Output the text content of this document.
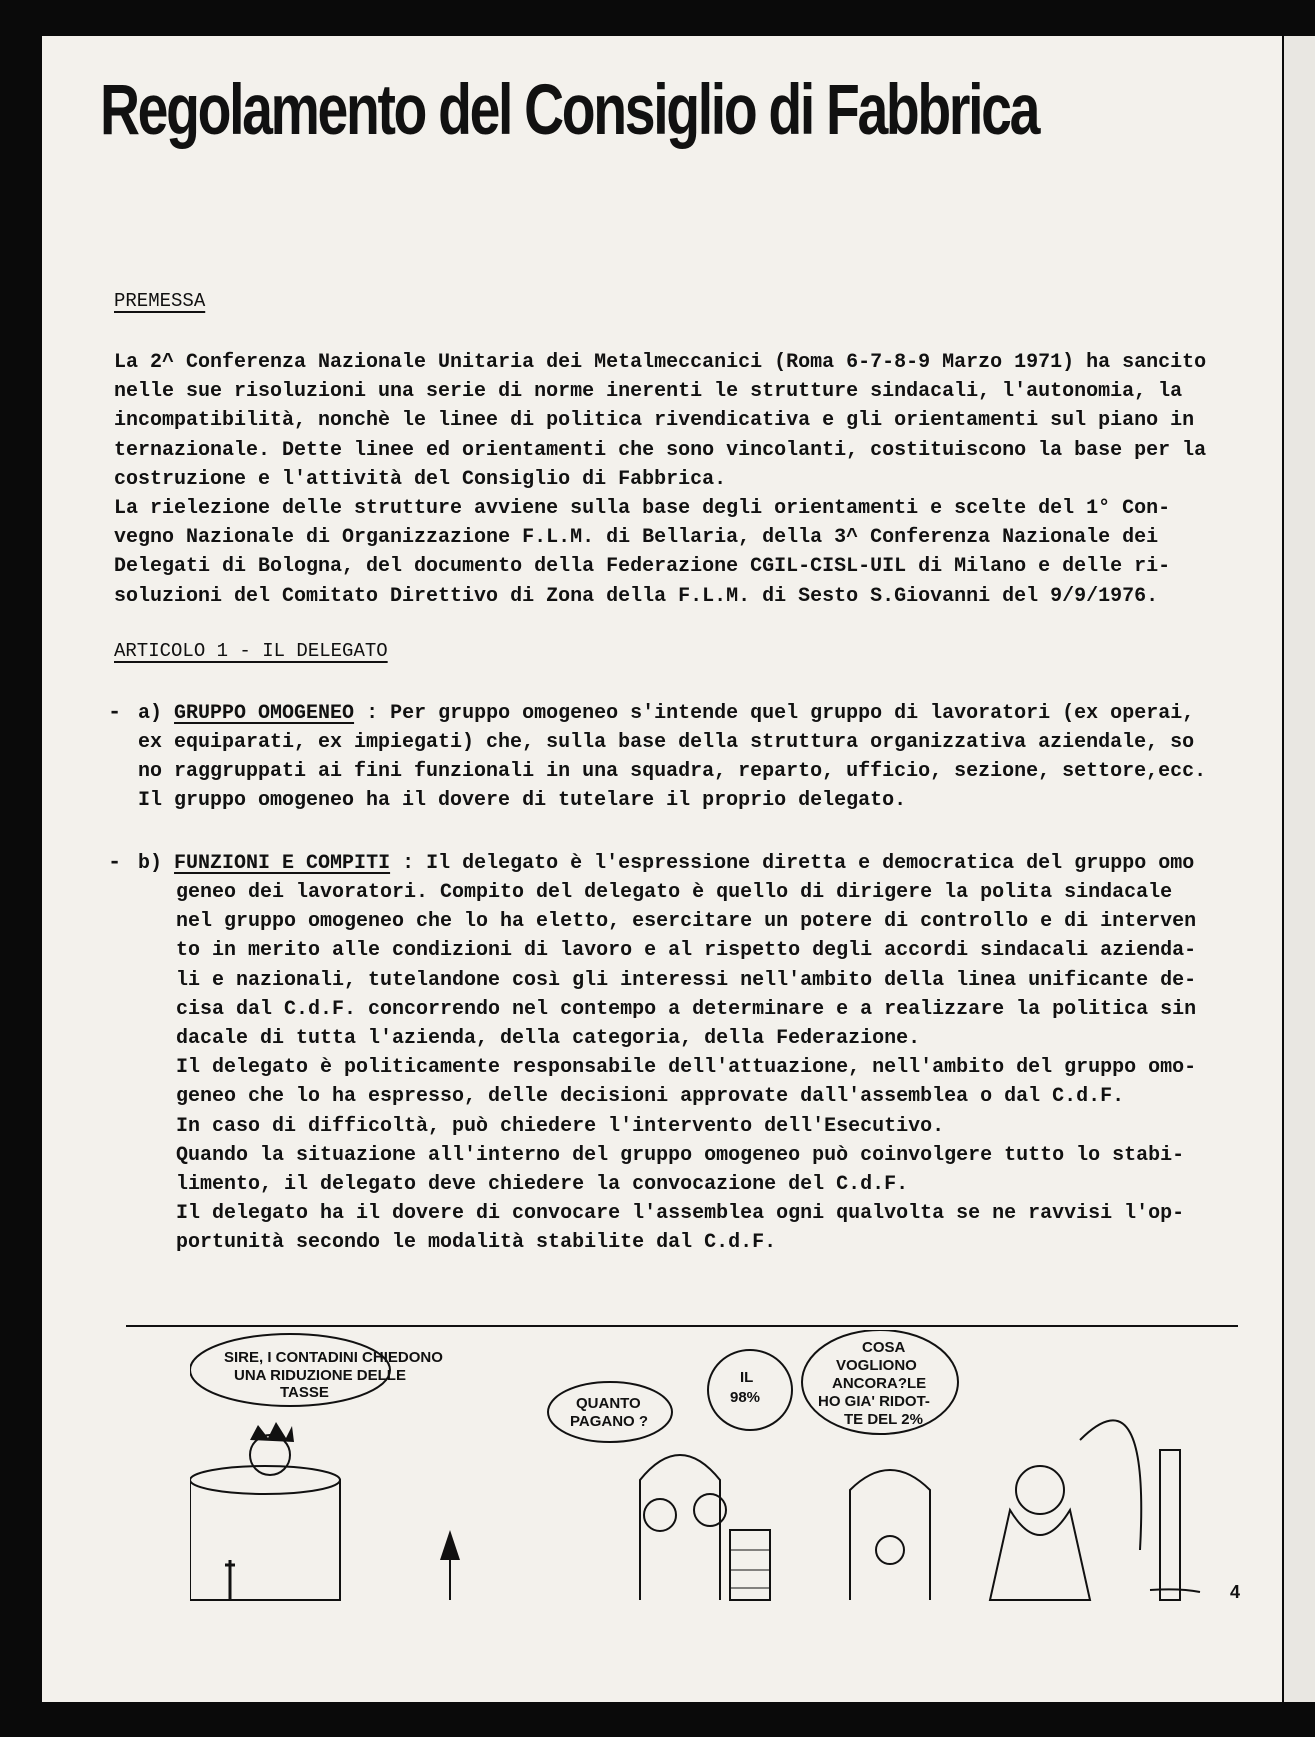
Regolamento del Consiglio di Fabbrica
PREMESSA
La 2^ Conferenza Nazionale Unitaria dei Metalmeccanici (Roma 6-7-8-9 Marzo 1971) ha sancito
nelle sue risoluzioni una serie di norme inerenti le strutture sindacali, l'autonomia, la
incompatibilità, nonchè le linee di politica rivendicativa e gli orientamenti sul piano in
ternazionale. Dette linee ed orientamenti che sono vincolanti, costituiscono la base per la
costruzione e l'attività del Consiglio di Fabbrica.
La rielezione delle strutture avviene sulla base degli orientamenti e scelte del 1° Con-
vegno Nazionale di Organizzazione F.L.M. di Bellaria, della 3^ Conferenza Nazionale dei
Delegati di Bologna, del documento della Federazione CGIL-CISL-UIL di Milano e delle ri-
soluzioni del Comitato Direttivo di Zona della F.L.M. di Sesto S.Giovanni del 9/9/1976.
ARTICOLO 1 - IL DELEGATO
- a) GRUPPO OMOGENEO : Per gruppo omogeneo s'intende quel gruppo di lavoratori (ex operai,
ex equiparati, ex impiegati) che, sulla base della struttura organizzativa aziendale, so
no raggruppati ai fini funzionali in una squadra, reparto, ufficio, sezione, settore,ecc.
Il gruppo omogeneo ha il dovere di tutelare il proprio delegato.
- b) FUNZIONI E COMPITI : Il delegato è l'espressione diretta e democratica del gruppo omo
geneo dei lavoratori. Compito del delegato è quello di dirigere la polita sindacale
nel gruppo omogeneo che lo ha eletto, esercitare un potere di controllo e di interven
to in merito alle condizioni di lavoro e al rispetto degli accordi sindacali azienda-
li e nazionali, tutelandone così gli interessi nell'ambito della linea unificante de-
cisa dal C.d.F. concorrendo nel contempo a determinare e a realizzare la politica sin
dacale di tutta l'azienda, della categoria, della Federazione.
Il delegato è politicamente responsabile dell'attuazione, nell'ambito del gruppo omo-
geneo che lo ha espresso, delle decisioni approvate dall'assemblea o dal C.d.F.
In caso di difficoltà, può chiedere l'intervento dell'Esecutivo.
Quando la situazione all'interno del gruppo omogeneo può coinvolgere tutto lo stabi-
limento, il delegato deve chiedere la convocazione del C.d.F.
Il delegato ha il dovere di convocare l'assemblea ogni qualvolta se ne ravvisi l'op-
portunità secondo le modalità stabilite dal C.d.F.
SIRE, I CONTADINI CHIEDONO
UNA RIDUZIONE DELLE
TASSE
QUANTO
PAGANO ?
IL
98%
COSA
VOGLIONO
ANCORA?LE
HO GIA' RIDOT-
TE DEL 2%
4
